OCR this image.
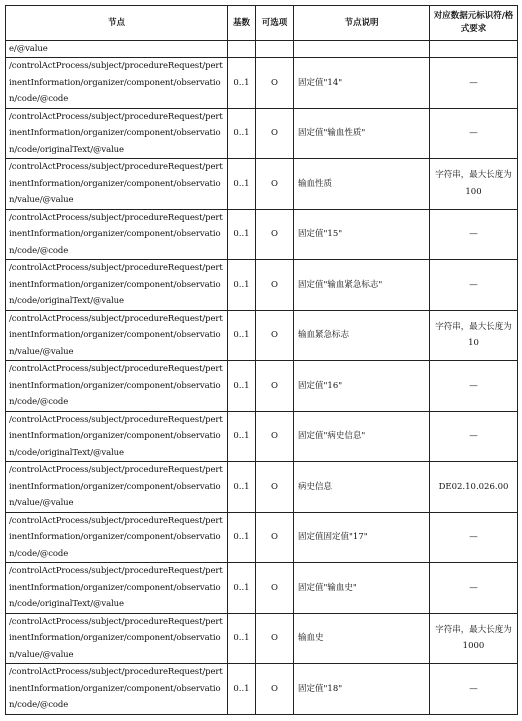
节点	基数	可选项	节点说明	对应数据元标识符/格式要求
e/@value				
/controlActProcess/subject/procedureRequest/pertinentInformation/organizer/component/observation/code/@code	0..1	O	固定值"14"	—
/controlActProcess/subject/procedureRequest/pertinentInformation/organizer/component/observation/code/originalText/@value	0..1	O	固定值"输血性质"	—
/controlActProcess/subject/procedureRequest/pertinentInformation/organizer/component/observation/value/@value	0..1	O	输血性质	字符串，最大长度为 100
/controlActProcess/subject/procedureRequest/pertinentInformation/organizer/component/observation/code/@code	0..1	O	固定值"15"	—
/controlActProcess/subject/procedureRequest/pertinentInformation/organizer/component/observation/code/originalText/@value	0..1	O	固定值"输血紧急标志"	—
/controlActProcess/subject/procedureRequest/pertinentInformation/organizer/component/observation/value/@value	0..1	O	输血紧急标志	字符串，最大长度为 10
/controlActProcess/subject/procedureRequest/pertinentInformation/organizer/component/observation/code/@code	0..1	O	固定值"16"	—
/controlActProcess/subject/procedureRequest/pertinentInformation/organizer/component/observation/code/originalText/@value	0..1	O	固定值"病史信息"	—
/controlActProcess/subject/procedureRequest/pertinentInformation/organizer/component/observation/value/@value	0..1	O	病史信息	DE02.10.026.00
/controlActProcess/subject/procedureRequest/pertinentInformation/organizer/component/observation/code/@code	0..1	O	固定值固定值"17"	—
/controlActProcess/subject/procedureRequest/pertinentInformation/organizer/component/observation/code/originalText/@value	0..1	O	固定值"输血史"	—
/controlActProcess/subject/procedureRequest/pertinentInformation/organizer/component/observation/value/@value	0..1	O	输血史	字符串，最大长度为 1000
/controlActProcess/subject/procedureRequest/pertinentInformation/organizer/component/observation/code/@code	0..1	O	固定值"18"	—
